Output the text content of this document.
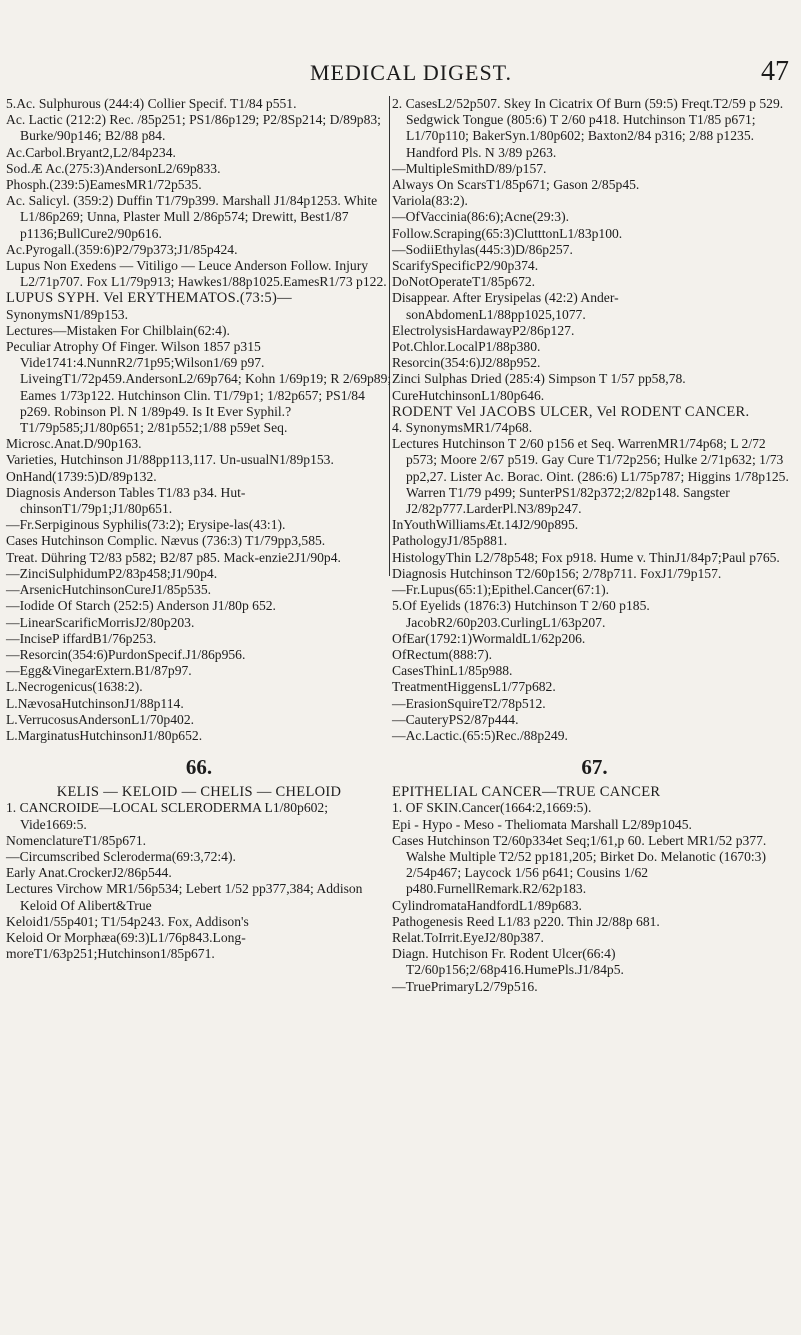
MEDICAL DIGEST.	47
5.Ac. Sulphurous (244:4) Collier Specif. T1/84 p551.
Ac. Lactic (212:2) Rec. /85p251; PS1/86p129; P2/8Sp214; D/89p83; Burke/90p146; B2/88 p84.
Ac.Carbol.Bryant2,L2/84p234.
Sod.Æ Ac.(275:3)AndersonL2/69p833.
Phosph.(239:5)EamesMR1/72p535.
Ac. Salicyl. (359:2) Duffin T1/79p399. Marshall J1/84p1253. White L1/86p269; Unna, Plaster Mull 2/86p574; Drewitt, Best1/87 p1136;BullCure2/90p616.
Ac.Pyrogall.(359:6)P2/79p373;J1/85p424.
Lupus Non Exedens — Vitiligo — Leuce Anderson Follow. Injury L2/71p707. Fox L1/79p913; Hawkes1/88p1025.EamesR1/73 p122.
LUPUS SYPH. Vel ERYTHEMATOS.(73:5)—
SynonymsN1/89p153.
Lectures—Mistaken For Chilblain(62:4).
Peculiar Atrophy Of Finger. Wilson 1857 p315 Vide1741:4.NunnR2/71p95;Wilson1/69 p97. LiveingT1/72p459.AndersonL2/69p764; Kohn 1/69p19; R 2/69p89; Eames 1/73p122. Hutchinson Clin. T1/79p1; 1/82p657; PS1/84 p269. Robinson Pl. N 1/89p49. Is It Ever Syphil.?T1/79p585;J1/80p651; 2/81p552;1/88 p59et Seq.
Microsc.Anat.D/90p163.
Varieties, Hutchinson J1/88pp113,117. Un-usualN1/89p153.
OnHand(1739:5)D/89p132.
Diagnosis Anderson Tables T1/83 p34. Hut-chinsonT1/79p1;J1/80p651.
—Fr.Serpiginous Syphilis(73:2); Erysipe-las(43:1).
Cases Hutchinson Complic. Nævus (736:3) T1/79pp3,585.
Treat. Dühring T2/83 p582; B2/87 p85. Mack-enzie2J1/90p4.
—ZinciSulphidumP2/83p458;J1/90p4.
—ArsenicHutchinsonCureJ1/85p535.
—Iodide Of Starch (252:5) Anderson J1/80p 652.
—LinearScarificMorrisJ2/80p203.
—InciseP iffardB1/76p253.
—Resorcin(354:6)PurdonSpecif.J1/86p956.
—Egg&VinegarExtern.B1/87p97.
L.Necrogenicus(1638:2).
L.NævosaHutchinsonJ1/88p114.
L.VerrucosusAndersonL1/70p402.
L.MarginatusHutchinsonJ1/80p652.
66.
KELIS — KELOID — CHELIS — CHELOID
1. CANCROIDE—LOCAL SCLERODERMA L1/80p602; Vide1669:5.
NomenclatureT1/85p671.
—Circumscribed Scleroderma(69:3,72:4).
Early Anat.CrockerJ2/86p544.
Lectures Virchow MR1/56p534; Lebert 1/52 pp377,384; Addison Keloid Of Alibert&True
Keloid1/55p401; T1/54p243. Fox, Addison's
Keloid Or Morphæa(69:3)L1/76p843.Long-
moreT1/63p251;Hutchinson1/85p671.
2. CasesL2/52p507. Skey In Cicatrix Of Burn (59:5) Freqt.T2/59 p 529. Sedgwick Tongue (805:6) T 2/60 p418. Hutchinson T1/85 p671; L1/70p110; BakerSyn.1/80p602; Baxton2/84 p316; 2/88 p1235. Handford Pls. N 3/89 p263.
—MultipleSmithD/89/p157.
Always On ScarsT1/85p671; Gason 2/85p45.
Variola(83:2).
—OfVaccinia(86:6);Acne(29:3).
Follow.Scraping(65:3)ClutttonL1/83p100.
—SodiiEthylas(445:3)D/86p257.
ScarifySpecificP2/90p374.
DoNotOperateT1/85p672.
Disappear. After Erysipelas (42:2) Ander-sonAbdomenL1/88pp1025,1077.
ElectrolysisHardawayP2/86p127.
Pot.Chlor.LocalP1/88p380.
Resorcin(354:6)J2/88p952.
Zinci Sulphas Dried (285:4) Simpson T 1/57 pp58,78.
CureHutchinsonL1/80p646.
RODENT Vel JACOBS ULCER, Vel RODENT CANCER.
4. SynonymsMR1/74p68.
Lectures Hutchinson T 2/60 p156 et Seq. WarrenMR1/74p68; L 2/72 p573; Moore 2/67 p519. Gay Cure T1/72p256; Hulke 2/71p632; 1/73 pp2,27. Lister Ac. Borac. Oint. (286:6) L1/75p787; Higgins 1/78p125. Warren T1/79 p499; SunterPS1/82p372;2/82p148. Sangster J2/82p777.LarderPl.N3/89p247.
InYouthWilliamsÆt.14J2/90p895.
PathologyJ1/85p881.
HistologyThin L2/78p548; Fox p918. Hume v. ThinJ1/84p7;Paul p765.
Diagnosis Hutchinson T2/60p156; 2/78p711. FoxJ1/79p157.
—Fr.Lupus(65:1);Epithel.Cancer(67:1).
5.Of Eyelids (1876:3) Hutchinson T 2/60 p185. JacobR2/60p203.CurlingL1/63p207.
OfEar(1792:1)WormaldL1/62p206.
OfRectum(888:7).
CasesThinL1/85p988.
TreatmentHiggensL1/77p682.
—ErasionSquireT2/78p512.
—CauteryPS2/87p444.
—Ac.Lactic.(65:5)Rec./88p249.
67.
EPITHELIAL CANCER—TRUE CANCER
1. OF SKIN.Cancer(1664:2,1669:5).
Epi - Hypo - Meso - Theliomata Marshall L2/89p1045.
Cases Hutchinson T2/60p334et Seq;1/61,p 60. Lebert MR1/52 p377. Walshe Multiple T2/52 pp181,205; Birket Do. Melanotic (1670:3) 2/54p467; Laycock 1/56 p641; Cousins 1/62 p480.FurnellRemark.R2/62p183.
CylindromataHandfordL1/89p683.
Pathogenesis Reed L1/83 p220. Thin J2/88p 681.
Relat.ToIrrit.EyeJ2/80p387.
Diagn. Hutchison Fr. Rodent Ulcer(66:4) T2/60p156;2/68p416.HumePls.J1/84p5.
—TruePrimaryL2/79p516.
